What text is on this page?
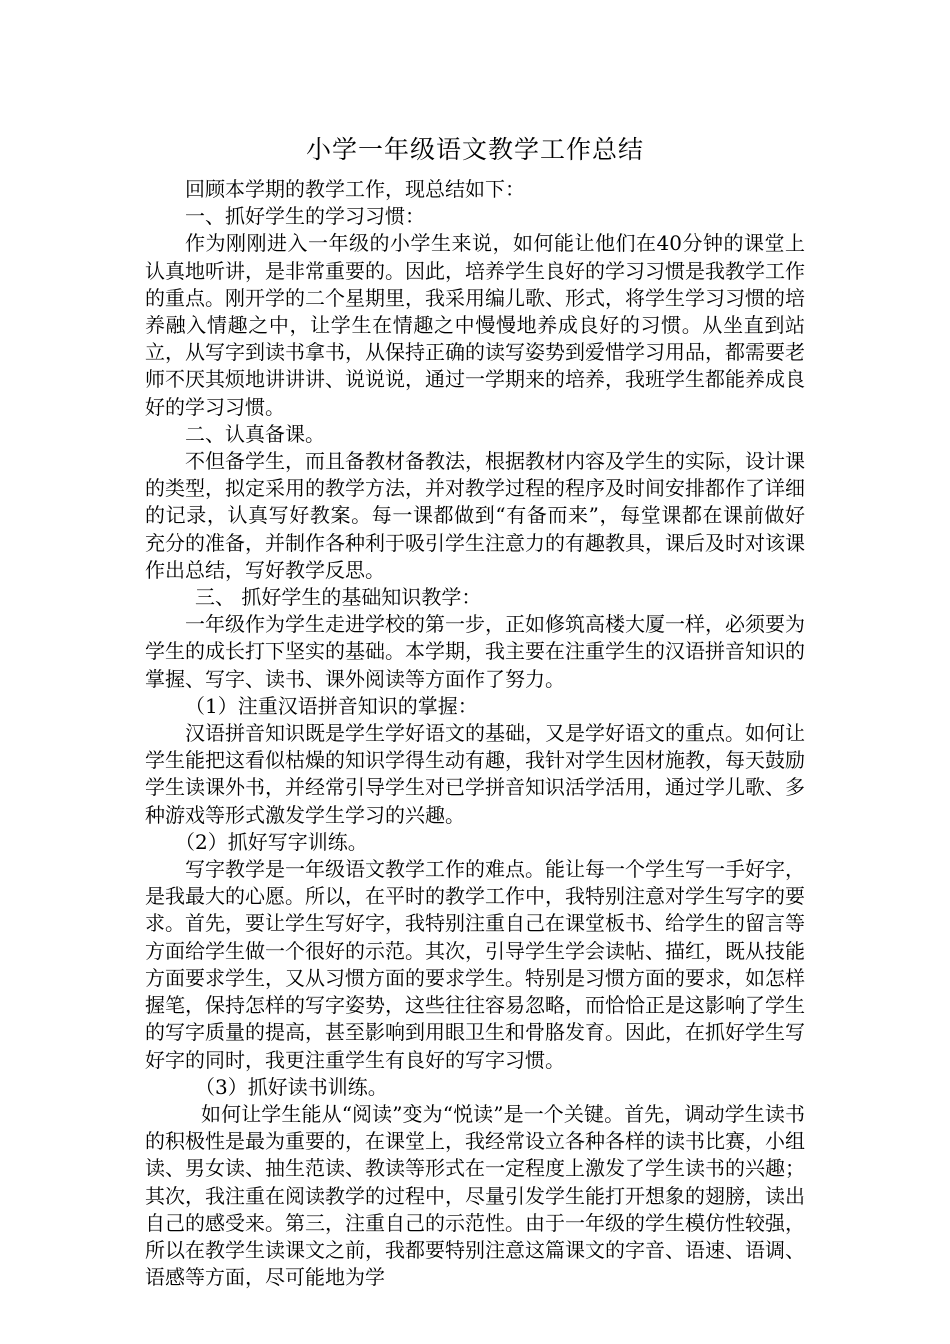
小学一年级语文教学工作总结

回顾本学期的教学工作，现总结如下：

一、抓好学生的学习习惯：

作为刚刚进入一年级的小学生来说，如何能让他们在40分钟的课堂上认真地听讲，是非常重要的。因此，培养学生良好的学习习惯是我教学工作的重点。刚开学的二个星期里，我采用编儿歌、形式，将学生学习习惯的培养融入情趣之中，让学生在情趣之中慢慢地养成良好的习惯。从坐直到站立，从写字到读书拿书，从保持正确的读写姿势到爱惜学习用品，都需要老师不厌其烦地讲讲讲、说说说，通过一学期来的培养，我班学生都能养成良好的学习习惯。

二、认真备课。

不但备学生，而且备教材备教法，根据教材内容及学生的实际，设计课的类型，拟定采用的教学方法，并对教学过程的程序及时间安排都作了详细的记录，认真写好教案。每一课都做到“有备而来”，每堂课都在课前做好充分的准备，并制作各种利于吸引学生注意力的有趣教具，课后及时对该课作出总结，写好教学反思。

三、 抓好学生的基础知识教学：

一年级作为学生走进学校的第一步，正如修筑高楼大厦一样，必须要为学生的成长打下坚实的基础。本学期，我主要在注重学生的汉语拼音知识的掌握、写字、读书、课外阅读等方面作了努力。

（1）注重汉语拼音知识的掌握：

汉语拼音知识既是学生学好语文的基础，又是学好语文的重点。如何让学生能把这看似枯燥的知识学得生动有趣，我针对学生因材施教，每天鼓励学生读课外书，并经常引导学生对已学拼音知识活学活用，通过学儿歌、多种游戏等形式激发学生学习的兴趣。

（2）抓好写字训练。

写字教学是一年级语文教学工作的难点。能让每一个学生写一手好字，是我最大的心愿。所以，在平时的教学工作中，我特别注意对学生写字的要求。首先，要让学生写好字，我特别注重自己在课堂板书、给学生的留言等方面给学生做一个很好的示范。其次，引导学生学会读帖、描红，既从技能方面要求学生，又从习惯方面的要求学生。特别是习惯方面的要求，如怎样握笔，保持怎样的写字姿势，这些往往容易忽略，而恰恰正是这影响了学生的写字质量的提高，甚至影响到用眼卫生和骨胳发育。因此，在抓好学生写好字的同时，我更注重学生有良好的写字习惯。

（3）抓好读书训练。

如何让学生能从“阅读”变为“悦读”是一个关键。首先，调动学生读书的积极性是最为重要的，在课堂上，我经常设立各种各样的读书比赛，小组读、男女读、抽生范读、教读等形式在一定程度上激发了学生读书的兴趣；其次，我注重在阅读教学的过程中，尽量引发学生能打开想象的翅膀，读出自己的感受来。第三，注重自己的示范性。由于一年级的学生模仿性较强，所以在教学生读课文之前，我都要特别注意这篇课文的字音、语速、语调、语感等方面，尽可能地为学
